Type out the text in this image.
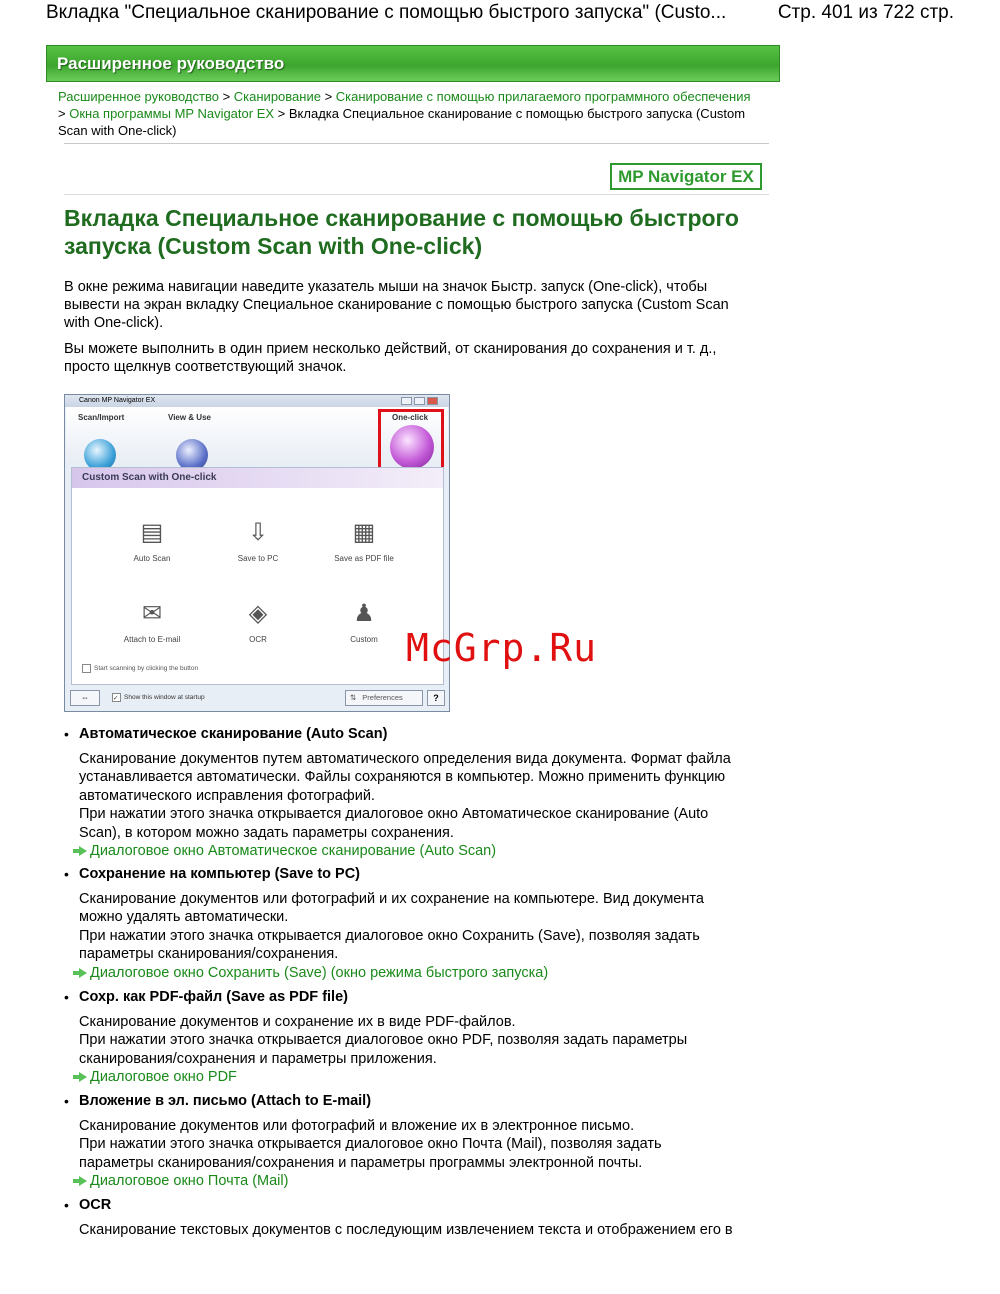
Вкладка "Специальное сканирование с помощью быстрого запуска" (Custo...	Стр. 401 из 722 стр.
Расширенное руководство
Расширенное руководство > Сканирование > Сканирование с помощью прилагаемого программного обеспечения > Окна программы MP Navigator EX > Вкладка Специальное сканирование с помощью быстрого запуска (Custom Scan with One-click)
MP Navigator EX
Вкладка Специальное сканирование с помощью быстрого запуска (Custom Scan with One-click)
В окне режима навигации наведите указатель мыши на значок Быстр. запуск (One-click), чтобы вывести на экран вкладку Специальное сканирование с помощью быстрого запуска (Custom Scan with One-click).
Вы можете выполнить в один прием несколько действий, от сканирования до сохранения и т. д., просто щелкнув соответствующий значок.
Canon MP Navigator EX
Scan/Import	View & Use	One-click
Custom Scan with One-click
▤
Auto Scan
⇩
Save to PC
▦
Save as PDF file
✉
Attach to E-mail
◈
OCR
♟
Custom
Start scanning by clicking the button
⇔	✓ Show this window at startup	⇅ Preferences	?
McGrp.Ru
• Автоматическое сканирование (Auto Scan)
Сканирование документов путем автоматического определения вида документа. Формат файла
устанавливается автоматически. Файлы сохраняются в компьютер. Можно применить функцию
автоматического исправления фотографий.
При нажатии этого значка открывается диалоговое окно Автоматическое сканирование (Auto
Scan), в котором можно задать параметры сохранения.
Диалоговое окно Автоматическое сканирование (Auto Scan)
• Сохранение на компьютер (Save to PC)
Сканирование документов или фотографий и их сохранение на компьютере. Вид документа
можно удалять автоматически.
При нажатии этого значка открывается диалоговое окно Сохранить (Save), позволяя задать
параметры сканирования/сохранения.
Диалоговое окно Сохранить (Save) (окно режима быстрого запуска)
• Сохр. как PDF-файл (Save as PDF file)
Сканирование документов и сохранение их в виде PDF-файлов.
При нажатии этого значка открывается диалоговое окно PDF, позволяя задать параметры
сканирования/сохранения и параметры приложения.
Диалоговое окно PDF
• Вложение в эл. письмо (Attach to E-mail)
Сканирование документов или фотографий и вложение их в электронное письмо.
При нажатии этого значка открывается диалоговое окно Почта (Mail), позволяя задать
параметры сканирования/сохранения и параметры программы электронной почты.
Диалоговое окно Почта (Mail)
• OCR
Сканирование текстовых документов с последующим извлечением текста и отображением его в
